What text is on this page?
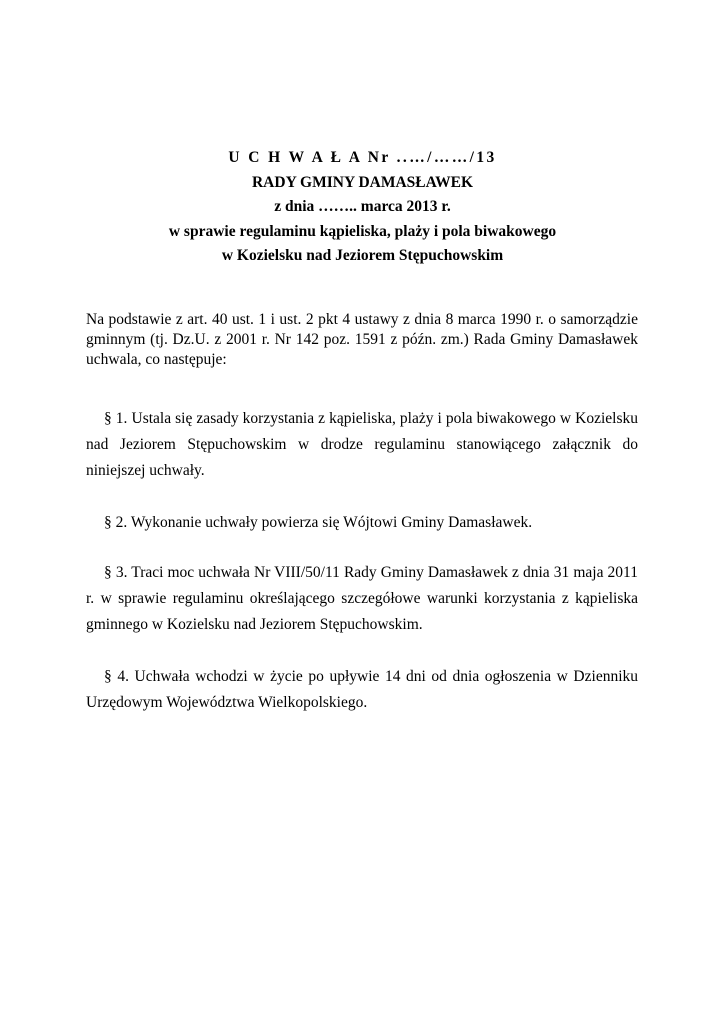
U C H W A Ł A Nr ..…/……/13
RADY GMINY DAMASŁAWEK
z dnia …….. marca 2013 r.
w sprawie regulaminu kąpieliska, plaży i pola biwakowego
w Kozielsku nad Jeziorem Stępuchowskim
Na podstawie z art. 40 ust. 1 i ust. 2 pkt 4 ustawy z dnia 8 marca 1990 r. o samorządzie gminnym (tj. Dz.U. z 2001 r. Nr 142 poz. 1591 z późn. zm.) Rada Gminy Damasławek uchwala, co następuje:
§ 1. Ustala się zasady korzystania z kąpieliska, plaży i pola biwakowego w Kozielsku nad Jeziorem Stępuchowskim w drodze regulaminu stanowiącego załącznik do niniejszej uchwały.
§ 2. Wykonanie uchwały powierza się Wójtowi Gminy Damasławek.
§ 3. Traci moc uchwała Nr VIII/50/11 Rady Gminy Damasławek z dnia 31 maja 2011 r. w sprawie regulaminu określającego szczegółowe warunki korzystania z kąpieliska gminnego w Kozielsku nad Jeziorem Stępuchowskim.
§ 4. Uchwała wchodzi w życie po upływie 14 dni od dnia ogłoszenia w Dzienniku Urzędowym Województwa Wielkopolskiego.
